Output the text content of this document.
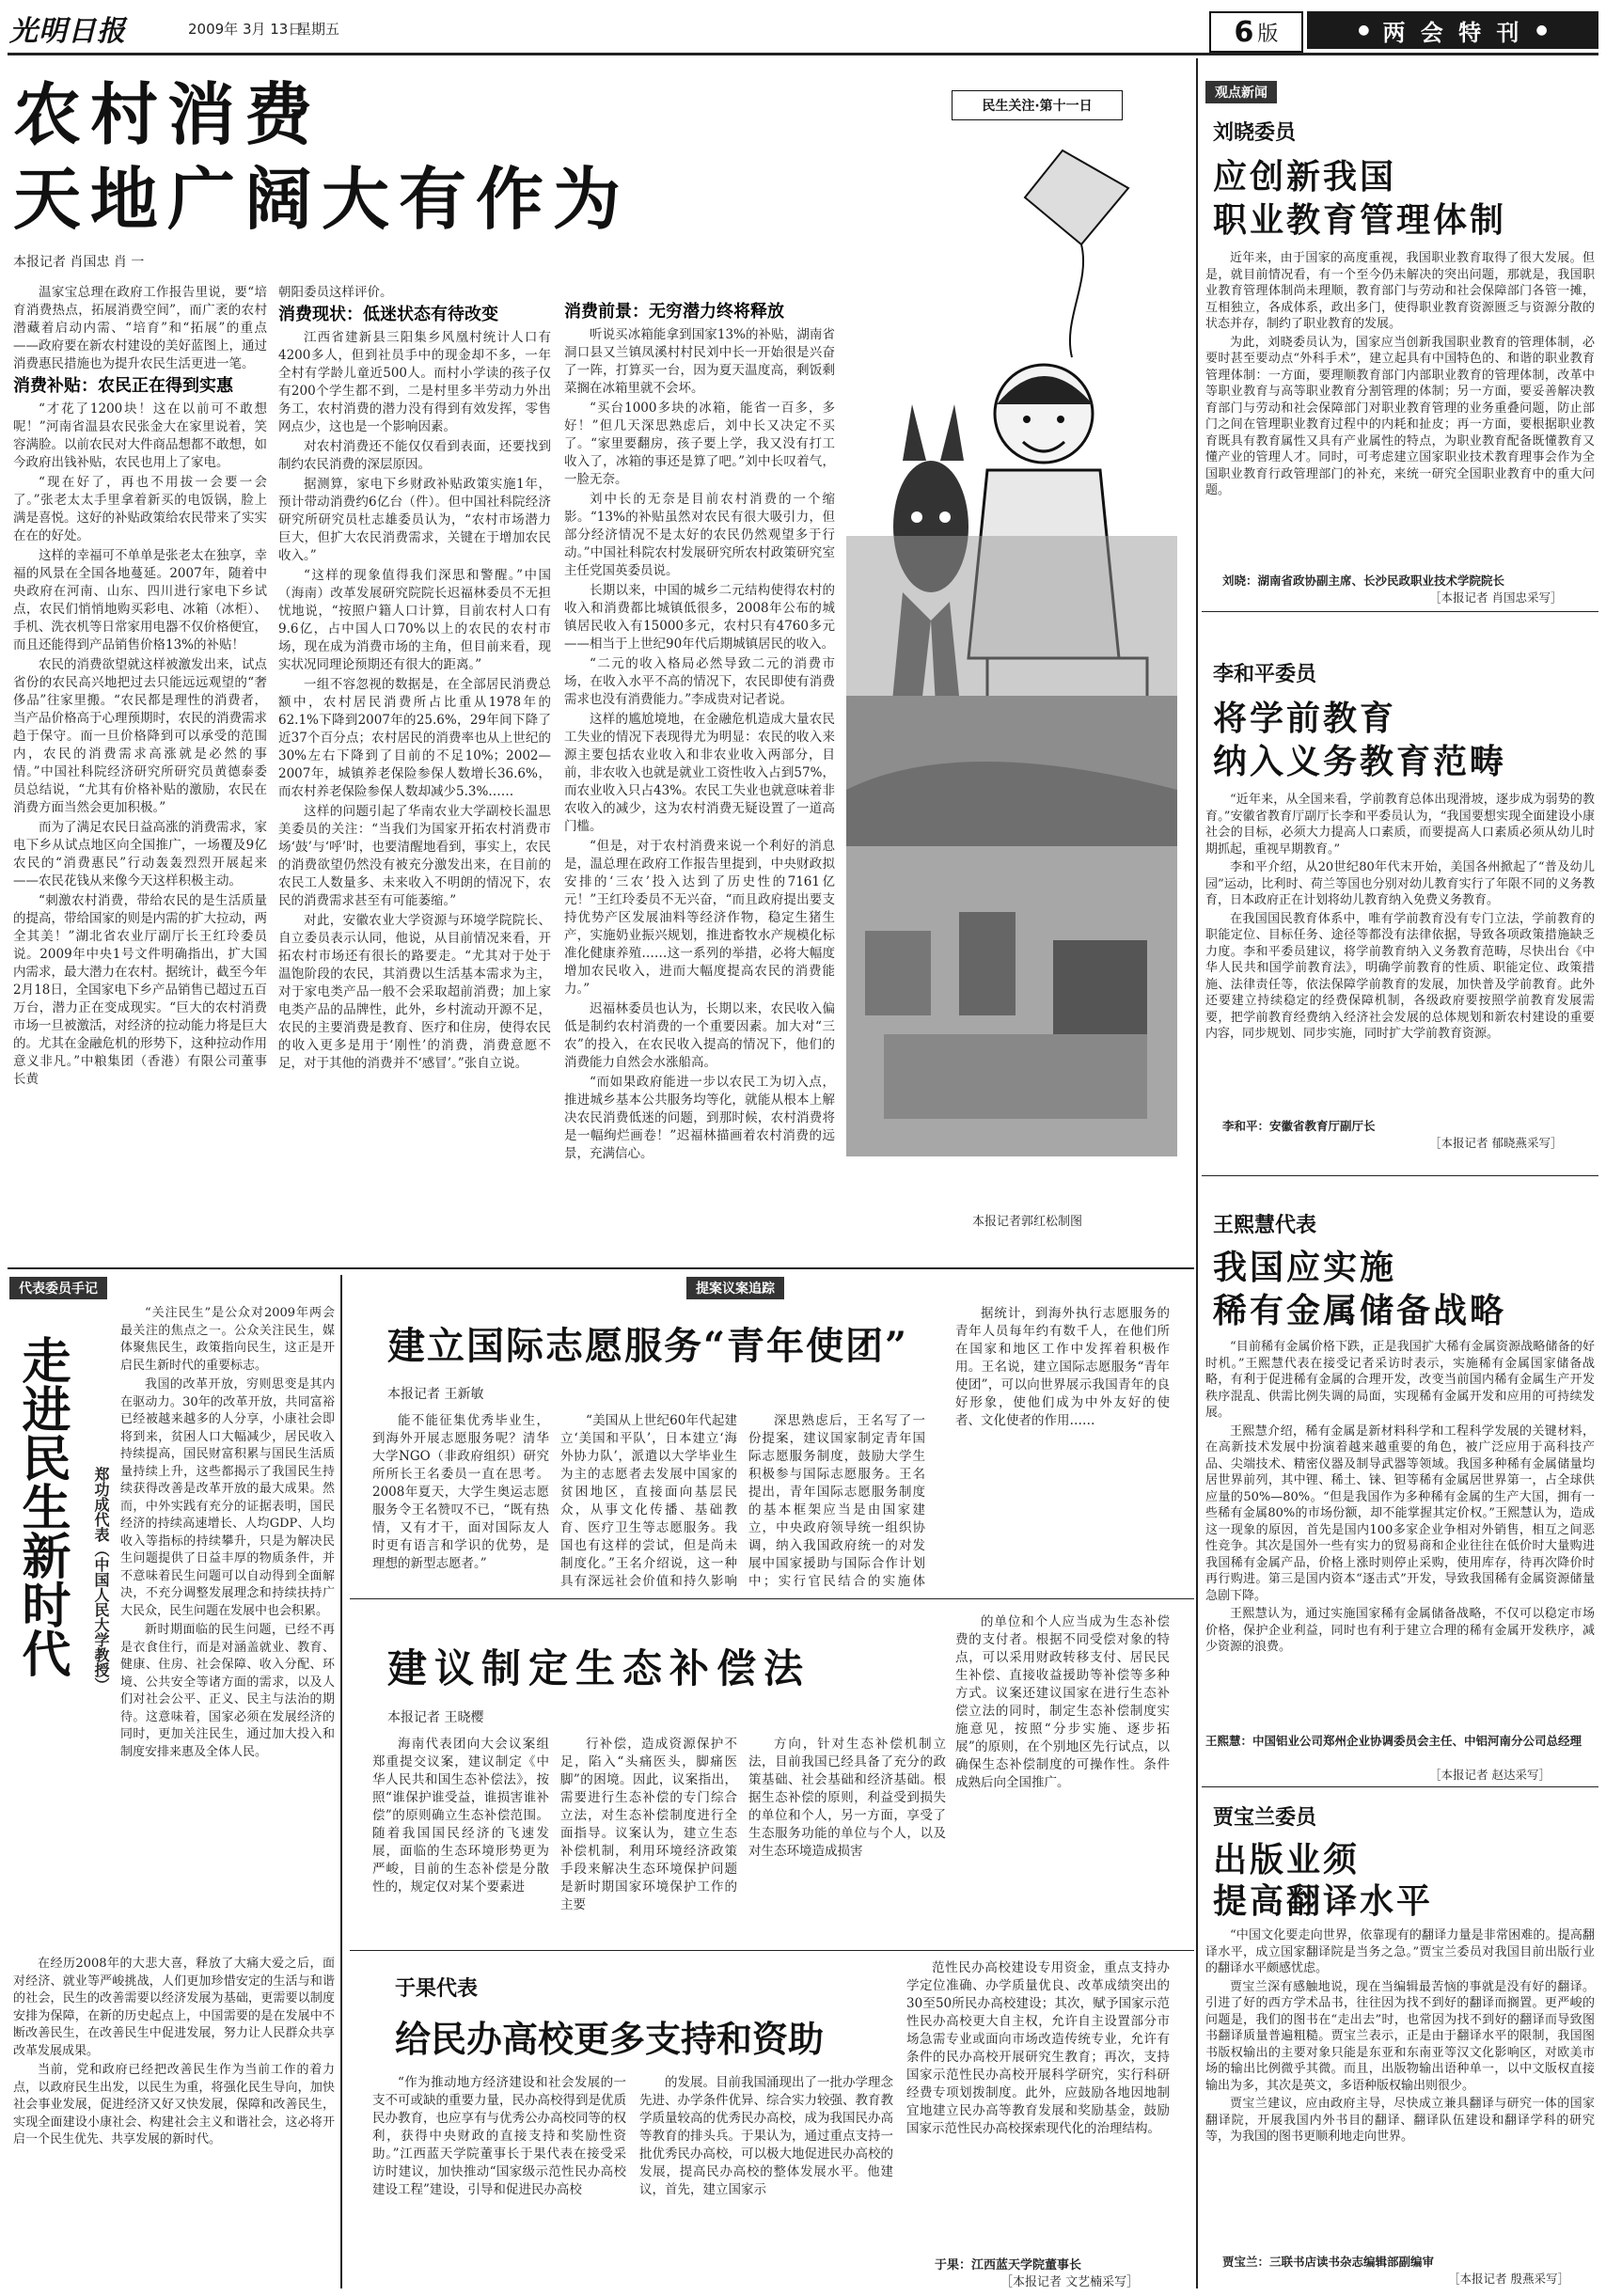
光明日报	2009年 3月 13日
星期五	6 版	● 两 会 特 刊 ●
农村消费
天地广阔大有作为
本报记者 肖国忠 肖 一
民生关注·第十一日
本报记者郭红松制图

温家宝总理在政府工作报告里说，要“培育消费热点，拓展消费空间”，而广袤的农村潜藏着启动内需、“培育”和“拓展”的重点——政府要在新农村建设的美好蓝图上，通过消费惠民措施也为提升农民生活更进一笔。

消费补贴：农民正在得到实惠

“才花了1200块！这在以前可不敢想呢！”河南省温县农民张金大在家里说着，笑容满脸。以前农民对大件商品想都不敢想，如今政府出钱补贴，农民也用上了家电。

“现在好了，再也不用拔一会要一会了。”张老太太手里拿着新买的电饭锅，脸上满是喜悦。这好的补贴政策给农民带来了实实在在的好处。

这样的幸福可不单单是张老太在独享，幸福的风景在全国各地蔓延。2007年，随着中央政府在河南、山东、四川进行家电下乡试点，农民们悄悄地购买彩电、冰箱（冰柜）、手机、洗衣机等日常家用电器不仅价格便宜，而且还能得到产品销售价格13%的补贴！

农民的消费欲望就这样被激发出来，试点省份的农民高兴地把过去只能远远观望的“奢侈品”往家里搬。“农民都是理性的消费者，当产品价格高于心理预期时，农民的消费需求趋于保守。而一旦价格降到可以承受的范围内，农民的消费需求高涨就是必然的事情。”中国社科院经济研究所研究员黄德泰委员总结说，“尤其有价格补贴的激励，农民在消费方面当然会更加积极。”

而为了满足农民日益高涨的消费需求，家电下乡从试点地区向全国推广，一场覆及9亿农民的“消费惠民”行动轰轰烈烈开展起来——农民花钱从来像今天这样积极主动。

“刺激农村消费，带给农民的是生活质量的提高，带给国家的则是内需的扩大拉动，两全其美！”湖北省农业厅副厅长王红玲委员说。2009年中央1号文件明确指出，扩大国内需求，最大潜力在农村。据统计，截至今年2月18日，全国家电下乡产品销售已超过五百万台，潜力正在变成现实。“巨大的农村消费市场一旦被激活，对经济的拉动能力将是巨大的。尤其在金融危机的形势下，这种拉动作用意义非凡。”中粮集团（香港）有限公司董事长黄

朝阳委员这样评价。

消费现状：低迷状态有待改变

江西省建新县三阳集乡风凰村统计人口有4200多人，但到社员手中的现金却不多，一年全村有学龄儿童近500人。而村小学读的孩子仅有200个学生都不到，二是村里多半劳动力外出务工，农村消费的潜力没有得到有效发挥，零售网点少，这也是一个影响因素。

对农村消费还不能仅仅看到表面，还要找到制约农民消费的深层原因。

据测算，家电下乡财政补贴政策实施1年，预计带动消费约6亿台（件）。但中国社科院经济研究所研究员杜志雄委员认为，“农村市场潜力巨大，但扩大农民消费需求，关键在于增加农民收入。”

“这样的现象值得我们深思和警醒。”中国（海南）改革发展研究院院长迟福林委员不无担忧地说，“按照户籍人口计算，目前农村人口有9.6亿，占中国人口70%以上的农民的农村市场，现在成为消费市场的主角，但目前来看，现实状况同理论预期还有很大的距离。”

一组不容忽视的数据是，在全部居民消费总额中，农村居民消费所占比重从1978年的62.1%下降到2007年的25.6%，29年间下降了近37个百分点；农村居民的消费率也从上世纪的30%左右下降到了目前的不足10%；2002—2007年，城镇养老保险参保人数增长36.6%，而农村养老保险参保人数却减少5.3%……

这样的问题引起了华南农业大学副校长温思美委员的关注：“当我们为国家开拓农村消费市场‘鼓’与‘呼’时，也要清醒地看到，事实上，农民的消费欲望仍然没有被充分激发出来，在目前的农民工人数量多、未来收入不明朗的情况下，农民的消费需求甚至有可能萎缩。”

对此，安徽农业大学资源与环境学院院长、自立委员表示认同，他说，从目前情况来看，开拓农村市场还有很长的路要走。“尤其对于处于温饱阶段的农民，其消费以生活基本需求为主，对于家电类产品一般不会采取超前消费；加上家电类产品的品牌性，此外，乡村流动开源不足，农民的主要消费是教育、医疗和住房，使得农民的收入更多是用于‘刚性’的消费，消费意愿不足，对于其他的消费并不‘感冒’。”张自立说。

消费前景：无穷潜力终将释放

听说买冰箱能拿到国家13%的补贴，湖南省洞口县又兰镇凤溪村村民刘中长一开始很是兴奋了一阵，打算买一台，因为夏天温度高，剩饭剩菜搁在冰箱里就不会坏。

“买台1000多块的冰箱，能省一百多，多好！”但几天深思熟虑后，刘中长又决定不买了。“家里要翻房，孩子要上学，我又没有打工收入了，冰箱的事还是算了吧。”刘中长叹着气，一脸无奈。

刘中长的无奈是目前农村消费的一个缩影。“13%的补贴虽然对农民有很大吸引力，但部分经济情况不是太好的农民仍然观望多于行动。”中国社科院农村发展研究所农村政策研究室主任党国英委员说。

长期以来，中国的城乡二元结构使得农村的收入和消费都比城镇低很多，2008年公布的城镇居民收入有15000多元，农村只有4760多元——相当于上世纪90年代后期城镇居民的收入。

“二元的收入格局必然导致二元的消费市场，在收入水平不高的情况下，农民即使有消费需求也没有消费能力。”李成贵对记者说。

这样的尴尬境地，在金融危机造成大量农民工失业的情况下表现得尤为明显：农民的收入来源主要包括农业收入和非农业收入两部分，目前，非农收入也就是就业工资性收入占到57%，而农业收入只占43%。农民工失业也就意味着非农收入的减少，这为农村消费无疑设置了一道高门槛。

“但是，对于农村消费来说一个利好的消息是，温总理在政府工作报告里提到，中央财政拟安排的‘三农’投入达到了历史性的7161亿元！”王红玲委员不无兴奋，“而且政府提出要支持优势产区发展油料等经济作物，稳定生猪生产，实施奶业振兴规划，推进畜牧水产规模化标准化健康养殖……这一系列的举措，必将大幅度增加农民收入，进而大幅度提高农民的消费能力。”

迟福林委员也认为，长期以来，农民收入偏低是制约农村消费的一个重要因素。加大对“三农”的投入，在农民收入提高的情况下，他们的消费能力自然会水涨船高。

“而如果政府能进一步以农民工为切入点，推进城乡基本公共服务均等化，就能从根本上解决农民消费低迷的问题，到那时候，农村消费将是一幅绚烂画卷！”迟福林描画着农村消费的远景，充满信心。

代表委员手记
走进民生新时代	郑功成代表（中国人民大学教授）

“关注民生”是公众对2009年两会最关注的焦点之一。公众关注民生，媒体聚焦民生，政策指向民生，这正是开启民生新时代的重要标志。

我国的改革开放，穷则思变是其内在驱动力。30年的改革开放，共同富裕已经被越来越多的人分享，小康社会即将到来，贫困人口大幅减少，居民收入持续提高，国民财富积累与国民生活质量持续上升，这些都揭示了我国民生持续获得改善是改革开放的最大成果。然而，中外实践有充分的证据表明，国民经济的持续高速增长、人均GDP、人均收入等指标的持续攀升，只是为解决民生问题提供了日益丰厚的物质条件，并不意味着民生问题可以自动得到全面解决，不充分调整发展理念和持续扶持广大民众，民生问题在发展中也会积累。

新时期面临的民生问题，已经不再是衣食住行，而是对涵盖就业、教育、健康、住房、社会保障、收入分配、环境、公共安全等诸方面的需求，以及人们对社会公平、正义、民主与法治的期待。这意味着，国家必须在发展经济的同时，更加关注民生，通过加大投入和制度安排来惠及全体人民。

在经历2008年的大悲大喜，释放了大痛大爱之后，面对经济、就业等严峻挑战，人们更加珍惜安定的生活与和谐的社会，民生的改善需要以经济发展为基础，更需要以制度安排为保障，在新的历史起点上，中国需要的是在发展中不断改善民生，在改善民生中促进发展，努力让人民群众共享改革发展成果。

当前，党和政府已经把改善民生作为当前工作的着力点，以政府民生出发，以民生为重，将强化民生导向，加快社会事业发展，促进经济又好又快发展，保障和改善民生，实现全面建设小康社会、构建社会主义和谐社会，这必将开启一个民生优先、共享发展的新时代。

提案议案追踪
建立国际志愿服务“青年使团”
本报记者 王新敏

能不能征集优秀毕业生，到海外开展志愿服务呢？清华大学NGO（非政府组织）研究所所长王名委员一直在思考。2008年夏天，大学生奥运志愿服务令王名赞叹不已，“既有热情，又有才干，面对国际友人时更有语言和学识的优势，是理想的新型志愿者。”

“美国从上世纪60年代起建立‘美国和平队’，日本建立‘海外协力队’，派遣以大学毕业生为主的志愿者去发展中国家的贫困地区，直接面向基层民众，从事文化传播、基础教育、医疗卫生等志愿服务。我国也有这样的尝试，但是尚未制度化。”王名介绍说，这一种具有深远社会价值和持久影响

深思熟虑后，王名写了一份提案，建议国家制定青年国际志愿服务制度，鼓励大学生积极参与国际志愿服务。王名提出，青年国际志愿服务制度的基本框架应当是由国家建立，中央政府领导统一组织协调，纳入我国政府统一的对发展中国家援助与国际合作计划中；实行官民结合的实施体

据统计，到海外执行志愿服务的青年人员每年约有数千人，在他们所在国家和地区工作中发挥着积极作用。王名说，建立国际志愿服务“青年使团”，可以向世界展示我国青年的良好形象，使他们成为中外友好的使者、文化使者的作用……

建议制定生态补偿法
本报记者 王晓樱

海南代表团向大会议案组郑重提交议案，建议制定《中华人民共和国生态补偿法》，按照“谁保护谁受益，谁损害谁补偿”的原则确立生态补偿范围。随着我国国民经济的飞速发展，面临的生态环境形势更为严峻，目前的生态补偿是分散性的，规定仅对某个要素进

行补偿，造成资源保护不足，陷入“头痛医头，脚痛医脚”的困境。因此，议案指出，需要进行生态补偿的专门综合立法，对生态补偿制度进行全面指导。议案认为，建立生态补偿机制，利用环境经济政策手段来解决生态环境保护问题是新时期国家环境保护工作的主要

方向，针对生态补偿机制立法，目前我国已经具备了充分的政策基础、社会基础和经济基础。根据生态补偿的原则，利益受到损失的单位和个人，另一方面，享受了生态服务功能的单位与个人，以及对生态环境造成损害

的单位和个人应当成为生态补偿费的支付者。根据不同受偿对象的特点，可以采用财政转移支付、居民民生补偿、直接收益援助等补偿等多种方式。议案还建议国家在进行生态补偿立法的同时，制定生态补偿制度实施意见，按照“分步实施、逐步拓展”的原则，在个别地区先行试点，以确保生态补偿制度的可操作性。条件成熟后向全国推广。

于果代表
给民办高校更多支持和资助

“作为推动地方经济建设和社会发展的一支不可或缺的重要力量，民办高校得到是优质民办教育，也应享有与优秀公办高校同等的权利，获得中央财政的直接支持和奖励性资助。”江西蓝天学院董事长于果代表在接受采访时建议，加快推动“国家级示范性民办高校建设工程”建设，引导和促进民办高校

的发展。目前我国涌现出了一批办学理念先进、办学条件优异、综合实力较强、教育教学质量较高的优秀民办高校，成为我国民办高等教育的排头兵。于果认为，通过重点支持一批优秀民办高校，可以极大地促进民办高校的发展，提高民办高校的整体发展水平。他建议，首先，建立国家示

范性民办高校建设专用资金，重点支持办学定位准确、办学质量优良、改革成绩突出的30至50所民办高校建设；其次，赋予国家示范性民办高校更大自主权，允许自主设置部分市场急需专业或面向市场改造传统专业，允许有条件的民办高校开展研究生教育；再次，支持国家示范性民办高校开展科学研究，实行科研经费专项划拨制度。此外，应鼓励各地因地制宜地建立民办高等教育发展和奖励基金，鼓励国家示范性民办高校探索现代化的治理结构。

于果：江西蓝天学院董事长
［本报记者 文艺楠采写］
观点新闻
刘晓委员
应创新我国
职业教育管理体制

近年来，由于国家的高度重视，我国职业教育取得了很大发展。但是，就目前情况看，有一个至今仍未解决的突出问题，那就是，我国职业教育管理体制尚未理顺，教育部门与劳动和社会保障部门各管一摊，互相独立，各成体系，政出多门，使得职业教育资源匮乏与资源分散的状态并存，制约了职业教育的发展。

为此，刘晓委员认为，国家应当创新我国职业教育的管理体制，必要时甚至要动点“外科手术”，建立起具有中国特色的、和谐的职业教育管理体制：一方面，要理顺教育部门内部职业教育的管理体制，改革中等职业教育与高等职业教育分割管理的体制；另一方面，要妥善解决教育部门与劳动和社会保障部门对职业教育管理的业务重叠问题，防止部门之间在管理职业教育过程中的内耗和扯皮；再一方面，要根据职业教育既具有教育属性又具有产业属性的特点，为职业教育配备既懂教育又懂产业的管理人才。同时，可考虑建立国家职业技术教育理事会作为全国职业教育行政管理部门的补充，来统一研究全国职业教育中的重大问题。

刘晓：湖南省政协副主席、长沙民政职业技术学院院长
［本报记者 肖国忠采写］
李和平委员
将学前教育
纳入义务教育范畴

“近年来，从全国来看，学前教育总体出现滑坡，逐步成为弱势的教育。”安徽省教育厅副厅长李和平委员认为，“我国要想实现全面建设小康社会的目标，必须大力提高人口素质，而要提高人口素质必须从幼儿时期抓起，重视早期教育。”

李和平介绍，从20世纪80年代末开始，美国各州掀起了“普及幼儿园”运动，比利时、荷兰等国也分别对幼儿教育实行了年限不同的义务教育，日本政府正在计划将幼儿教育纳入免费义务教育。

在我国国民教育体系中，唯有学前教育没有专门立法，学前教育的职能定位、目标任务、途径等都没有法律依据，导致各项政策措施缺乏力度。李和平委员建议，将学前教育纳入义务教育范畴，尽快出台《中华人民共和国学前教育法》，明确学前教育的性质、职能定位、政策措施、法律责任等，依法保障学前教育的发展，加快普及学前教育。此外还要建立持续稳定的经费保障机制，各级政府要按照学前教育发展需要，把学前教育经费纳入经济社会发展的总体规划和新农村建设的重要内容，同步规划、同步实施，同时扩大学前教育资源。

李和平：安徽省教育厅副厅长
［本报记者 郁晓燕采写］
王熙慧代表
我国应实施
稀有金属储备战略

“目前稀有金属价格下跌，正是我国扩大稀有金属资源战略储备的好时机。”王熙慧代表在接受记者采访时表示，实施稀有金属国家储备战略，有利于促进稀有金属的合理开发，改变当前国内稀有金属生产开发秩序混乱、供需比例失调的局面，实现稀有金属开发和应用的可持续发展。

王熙慧介绍，稀有金属是新材料科学和工程科学发展的关键材料，在高新技术发展中扮演着越来越重要的角色，被广泛应用于高科技产品、尖端技术、精密仪器及制导武器等领域。我国多种稀有金属储量均居世界前列，其中锂、稀土、铼、钽等稀有金属居世界第一，占全球供应量的50%—80%。“但是我国作为多种稀有金属的生产大国，拥有一些稀有金属80%的市场份额，却不能掌握其定价权。”王熙慧认为，造成这一现象的原因，首先是国内100多家企业争相对外销售，相互之间恶性竞争。其次是国外一些有实力的贸易商和企业往往在低价时大量购进我国稀有金属产品，价格上涨时则停止采购，使用库存，待再次降价时再行购进。第三是国内资本“逐击式”开发，导致我国稀有金属资源储量急剧下降。

王熙慧认为，通过实施国家稀有金属储备战略，不仅可以稳定市场价格，保护企业利益，同时也有利于建立合理的稀有金属开发秩序，减少资源的浪费。

王熙慧：中国铝业公司郑州企业协调委员会主任、中铝河南分公司总经理
［本报记者 赵达采写］
贾宝兰委员
出版业须
提高翻译水平

“中国文化要走向世界，依靠现有的翻译力量是非常困难的。提高翻译水平，成立国家翻译院是当务之急。”贾宝兰委员对我国目前出版行业的翻译水平颇感忧虑。

贾宝兰深有感触地说，现在当编辑最苦恼的事就是没有好的翻译。引进了好的西方学术品书，往往因为找不到好的翻译而搁置。更严峻的问题是，我们的图书在“走出去”时，也常因为找不到好的翻译而导致图书翻译质量普遍粗糙。贾宝兰表示，正是由于翻译水平的限制，我国图书版权输出的主要对象只能是东亚和东南亚等汉文化影响区，对欧美市场的输出比例微乎其微。而且，出版物输出语种单一，以中文版权直接输出为多，其次是英文，多语种版权输出则很少。

贾宝兰建议，应由政府主导，尽快成立兼具翻译与研究一体的国家翻译院，开展我国内外书目的翻译、翻译队伍建设和翻译学科的研究等，为我国的图书更顺利地走向世界。

贾宝兰：三联书店读书杂志编辑部副编审
［本报记者 殷燕采写］
